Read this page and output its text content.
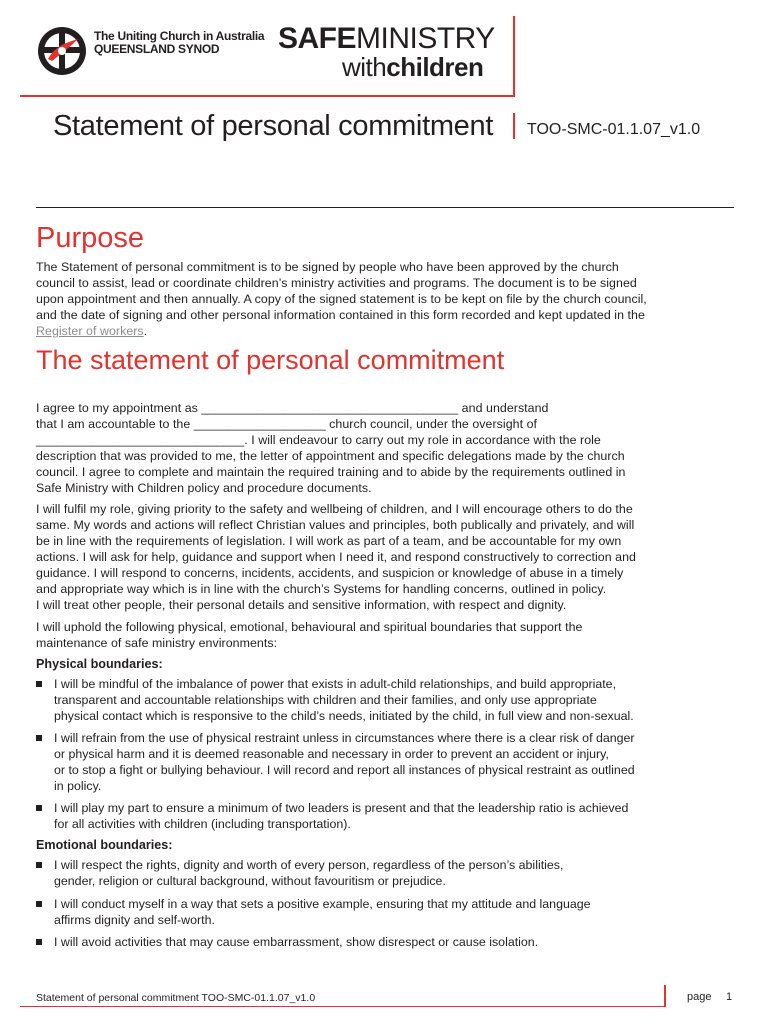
The Uniting Church in Australia
QUEENSLAND SYNOD SAFEMINISTRY
withchildren
Statement of personal commitment TOO-SMC-01.1.07_v1.0
Purpose
The Statement of personal commitment is to be signed by people who have been approved by the church
council to assist, lead or coordinate children’s ministry activities and programs. The document is to be signed
upon appointment and then annually. A copy of the signed statement is to be kept on file by the church council,
and the date of signing and other personal information contained in this form recorded and kept updated in the
Register of workers.
The statement of personal commitment
I agree to my appointment as _____________________________________ and understand
that I am accountable to the ___________________ church council, under the oversight of
______________________________. I will endeavour to carry out my role in accordance with the role
description that was provided to me, the letter of appointment and specific delegations made by the church
council. I agree to complete and maintain the required training and to abide by the requirements outlined in
Safe Ministry with Children policy and procedure documents.
I will fulfil my role, giving priority to the safety and wellbeing of children, and I will encourage others to do the
same. My words and actions will reflect Christian values and principles, both publically and privately, and will
be in line with the requirements of legislation. I will work as part of a team, and be accountable for my own
actions. I will ask for help, guidance and support when I need it, and respond constructively to correction and
guidance. I will respond to concerns, incidents, accidents, and suspicion or knowledge of abuse in a timely
and appropriate way which is in line with the church’s Systems for handling concerns, outlined in policy.
I will treat other people, their personal details and sensitive information, with respect and dignity.
I will uphold the following physical, emotional, behavioural and spiritual boundaries that support the
maintenance of safe ministry environments:
Physical boundaries:
I will be mindful of the imbalance of power that exists in adult-child relationships, and build appropriate,
transparent and accountable relationships with children and their families, and only use appropriate
physical contact which is responsive to the child’s needs, initiated by the child, in full view and non-sexual.
I will refrain from the use of physical restraint unless in circumstances where there is a clear risk of danger
or physical harm and it is deemed reasonable and necessary in order to prevent an accident or injury,
or to stop a fight or bullying behaviour. I will record and report all instances of physical restraint as outlined
in policy.
I will play my part to ensure a minimum of two leaders is present and that the leadership ratio is achieved
for all activities with children (including transportation).
Emotional boundaries:
I will respect the rights, dignity and worth of every person, regardless of the person’s abilities,
gender, religion or cultural background, without favouritism or prejudice.
I will conduct myself in a way that sets a positive example, ensuring that my attitude and language
affirms dignity and self-worth.
I will avoid activities that may cause embarrassment, show disrespect or cause isolation.
Statement of personal commitment TOO-SMC-01.1.07_v1.0	page 1
